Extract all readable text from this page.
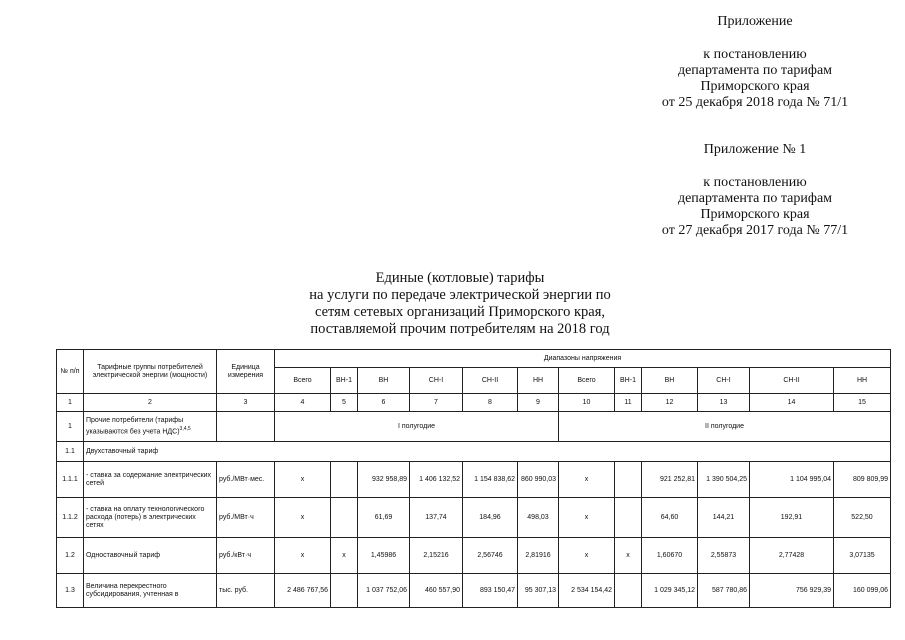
Приложение
к постановлению
департамента по тарифам
Приморского края
от 25 декабря 2018 года № 71/1
Приложение № 1
к постановлению
департамента по тарифам
Приморского края
от 27 декабря 2017 года № 77/1
Единые (котловые) тарифы
на услуги по передаче электрической энергии по
сетям сетевых организаций Приморского края,
поставляемой прочим потребителям на 2018 год
№ п/п	Тарифные группы потребителей электрической энергии (мощности)	Единица измерения	Диапазоны напряжения											
			Всего	ВН-1	ВН	СН-I	СН-II	НН	Всего	ВН-1	ВН	СН-I	СН-II	НН
1	2	3	4	5	6	7	8	9	10	11	12	13	14	15
1	Прочие потребители (тарифы указываются без учета НДС)$^{3,4,5}$		I полугодие						II полугодие					
1.1	Двухставочный тариф													
1.1.1	- ставка за содержание электрических сетей	руб./МВт·мес.	х		932 958,89	1 406 132,52	1 154 838,62	860 990,03	х		921 252,81	1 390 504,25	1 104 995,04	809 809,99
1.1.2	- ставка на оплату технологического расхода (потерь) в электрических сетях	руб./МВт·ч	х		61,69	137,74	184,96	498,03	х		64,60	144,21	192,91	522,50
1.2	Одноставочный тариф	руб./кВт·ч	х	х	1,45986	2,15216	2,56746	2,81916	х	х	1,60670	2,55873	2,77428	3,07135
1.3	Величина перекрестного субсидирования, учтенная в	тыс. руб.	2 486 767,56		1 037 752,06	460 557,90	893 150,47	95 307,13	2 534 154,42		1 029 345,12	587 780,86	756 929,39	160 099,06
